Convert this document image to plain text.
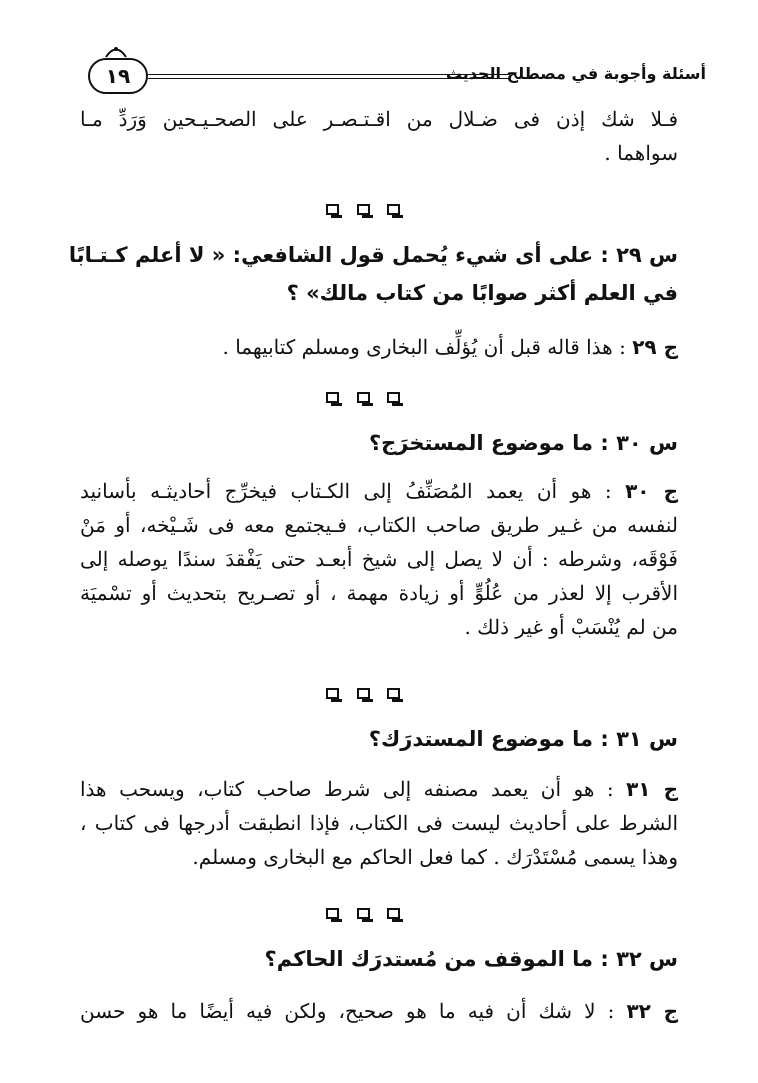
أسئلة وأجوبة في مصطلح الحديث
١٩

فـلا شك إذن فى ضـلال من اقـتـصـر على الصحـيـحين وَرَدِّ مـا
سواهما .

س ٢٩ : على أى شيء يُحمل قول الشافعي: « لا أعلم كـتـابًا
في العلم أكثر صوابًا من كتاب مالك» ؟

ج ٢٩ : هذا قاله قبل أن يُؤلِّف البخارى ومسلم كتابيهما .

س ٣٠ : ما موضوع المستخرَج؟

ج ٣٠ : هو أن يعمد المُصَنِّفُ إلى الكـتاب فيخرِّج أحاديثـه بأسانيد
لنفسه من غـير طريق صاحب الكتاب، فـيجتمع معه فى شَـيْخه، أو مَنْ
فَوْقَه، وشرطه : أن لا يصل إلى شيخ أبعـد حتى يَفْقدَ سندًا يوصله إلى
الأقرب إلا لعذر من عُلُوٍّ أو زيادة مهمة ، أو تصـريح بتحديث أو تسْميَة
من لم يُنْسَبْ أو غير ذلك .

س ٣١ : ما موضوع المستدرَك؟

ج ٣١ : هو أن يعمد مصنفه إلى شرط صاحب كتاب، ويسحب هذا
الشرط على أحاديث ليست فى الكتاب، فإذا انطبقت أدرجها فى كتاب ،
وهذا يسمى مُسْتَدْرَك . كما فعل الحاكم مع البخارى ومسلم.

س ٣٢ : ما الموقف من مُستدرَك الحاكم؟

ج ٣٢ : لا شك أن فيه ما هو صحيح، ولكن فيه أيضًا ما هو حسن
